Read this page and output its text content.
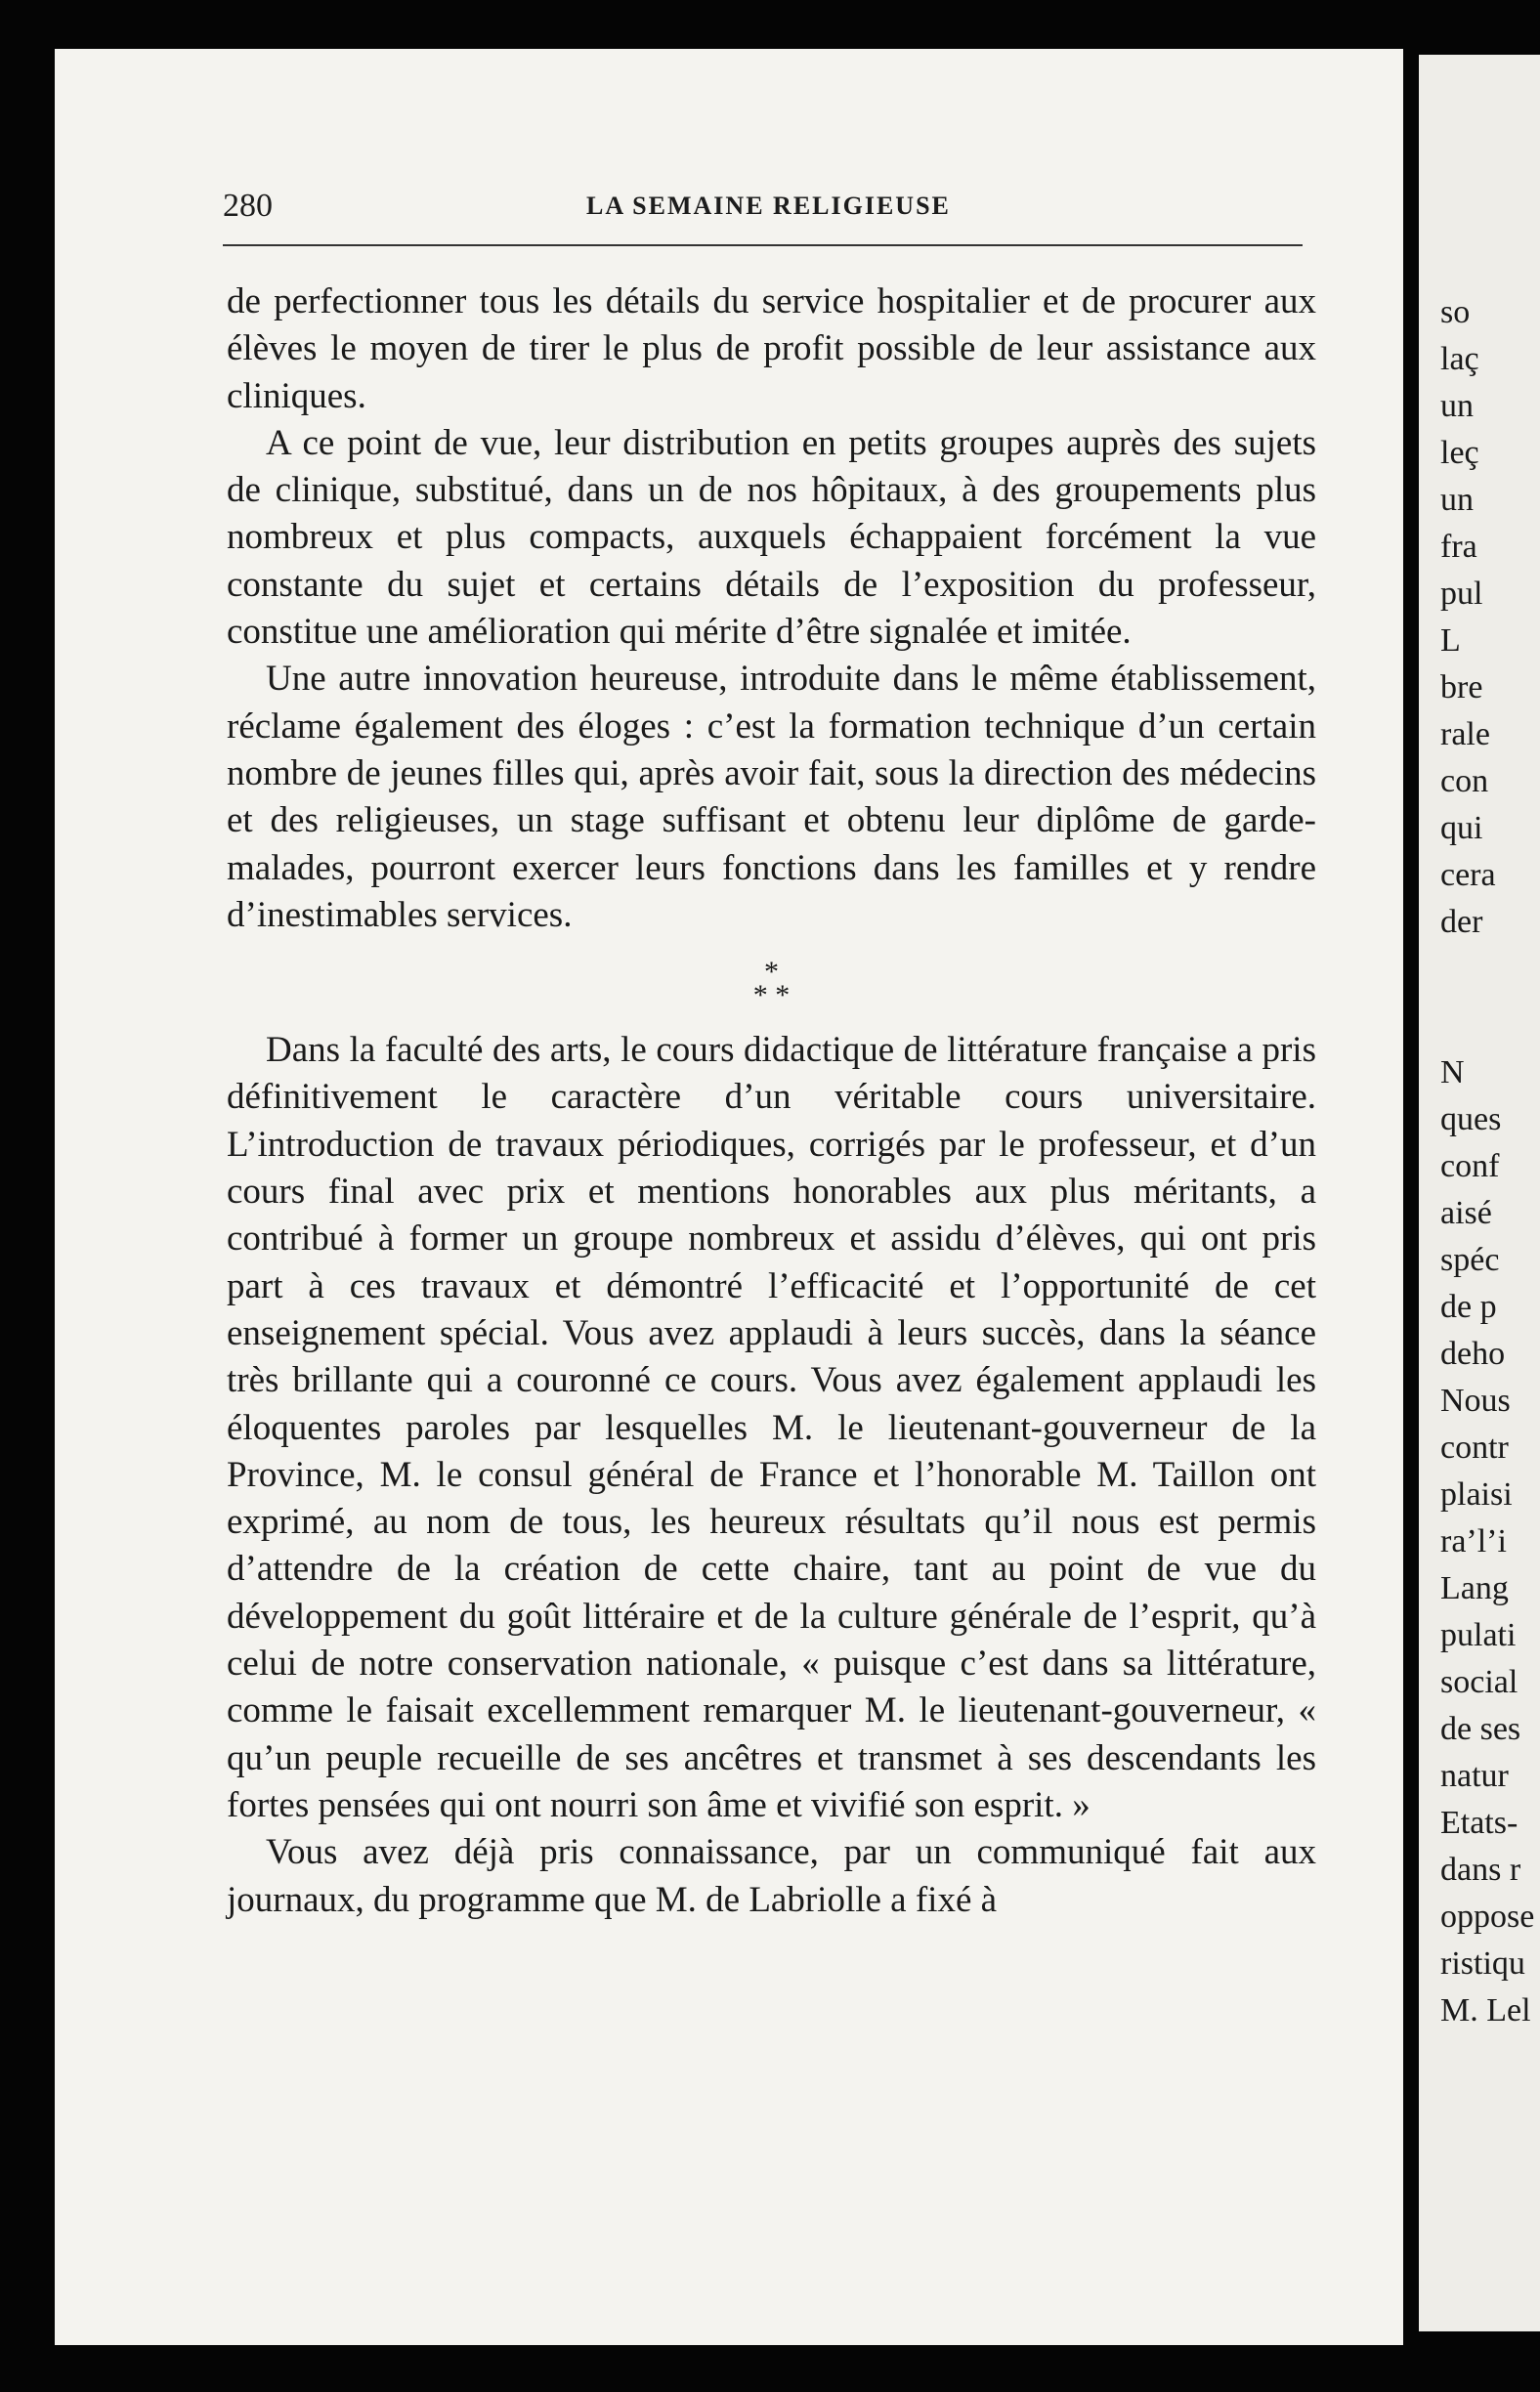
280	LA SEMAINE RELIGIEUSE

de perfectionner tous les détails du service hospitalier et de procurer aux élèves le moyen de tirer le plus de profit possible de leur assistance aux cliniques.

A ce point de vue, leur distribution en petits groupes auprès des sujets de clinique, substitué, dans un de nos hôpitaux, à des groupements plus nombreux et plus compacts, auxquels échappaient forcément la vue constante du sujet et certains détails de l’exposition du professeur, constitue une amélioration qui mérite d’être signalée et imitée.

Une autre innovation heureuse, introduite dans le même établissement, réclame également des éloges : c’est la formation technique d’un certain nombre de jeunes filles qui, après avoir fait, sous la direction des médecins et des religieuses, un stage suffisant et obtenu leur diplôme de garde-malades, pourront exercer leurs fonctions dans les familles et y rendre d’inestimables services.

*
* *

Dans la faculté des arts, le cours didactique de littérature française a pris définitivement le caractère d’un véritable cours universitaire. L’introduction de travaux périodiques, corrigés par le professeur, et d’un cours final avec prix et mentions honorables aux plus méritants, a contribué à former un groupe nombreux et assidu d’élèves, qui ont pris part à ces travaux et démontré l’efficacité et l’opportunité de cet enseignement spécial. Vous avez applaudi à leurs succès, dans la séance très brillante qui a couronné ce cours. Vous avez également applaudi les éloquentes paroles par lesquelles M. le lieutenant-gouverneur de la Province, M. le consul général de France et l’honorable M. Taillon ont exprimé, au nom de tous, les heureux résultats qu’il nous est permis d’attendre de la création de cette chaire, tant au point de vue du développement du goût littéraire et de la culture générale de l’esprit, qu’à celui de notre conservation nationale, « puisque c’est dans sa littérature, comme le faisait excellemment remarquer M. le lieutenant-gouverneur, « qu’un peuple recueille de ses ancêtres et transmet à ses descendants les fortes pensées qui ont nourri son âme et vivifié son esprit. »

Vous avez déjà pris connaissance, par un communiqué fait aux journaux, du programme que M. de Labriolle a fixé à

so
laç
un
leç
un
fra
pul
L
bre
rale
con
qui
cera
der
N
ques
conf
aisé
spéc
de p
deho
Nous
contr
plaisi
ra’l’i
Lang
pulati
social
de ses
natur
Etats-
dans r
oppose
ristiqu
M. Lel
